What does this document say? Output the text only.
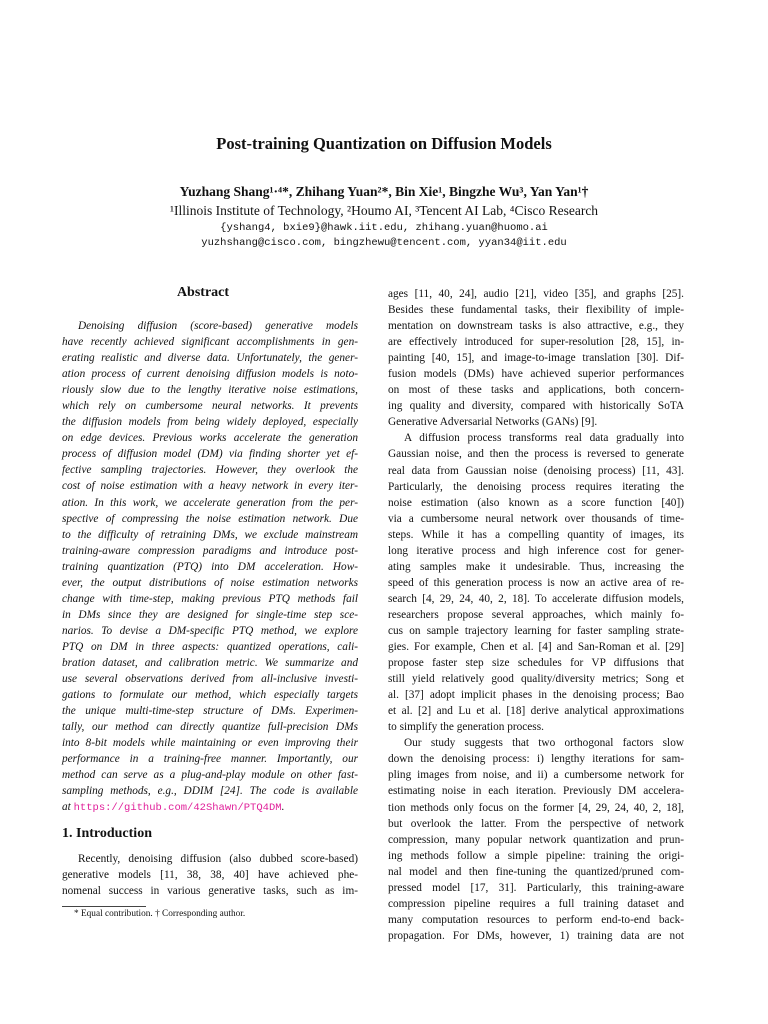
Post-training Quantization on Diffusion Models
Yuzhang Shang¹·⁴*, Zhihang Yuan²*, Bin Xie¹, Bingzhe Wu³, Yan Yan¹†
¹Illinois Institute of Technology, ²Houmo AI, ³Tencent AI Lab, ⁴Cisco Research
{yshang4, bxie9}@hawk.iit.edu, zhihang.yuan@huomo.ai
yuzhshang@cisco.com, bingzhewu@tencent.com, yyan34@iit.edu
Abstract
Denoising diffusion (score-based) generative models
have recently achieved significant accomplishments in gen-
erating realistic and diverse data. Unfortunately, the gener-
ation process of current denoising diffusion models is noto-
riously slow due to the lengthy iterative noise estimations,
which rely on cumbersome neural networks. It prevents
the diffusion models from being widely deployed, especially
on edge devices. Previous works accelerate the generation
process of diffusion model (DM) via finding shorter yet ef-
fective sampling trajectories. However, they overlook the
cost of noise estimation with a heavy network in every iter-
ation. In this work, we accelerate generation from the per-
spective of compressing the noise estimation network. Due
to the difficulty of retraining DMs, we exclude mainstream
training-aware compression paradigms and introduce post-
training quantization (PTQ) into DM acceleration. How-
ever, the output distributions of noise estimation networks
change with time-step, making previous PTQ methods fail
in DMs since they are designed for single-time step sce-
narios. To devise a DM-specific PTQ method, we explore
PTQ on DM in three aspects: quantized operations, cali-
bration dataset, and calibration metric. We summarize and
use several observations derived from all-inclusive investi-
gations to formulate our method, which especially targets
the unique multi-time-step structure of DMs. Experimen-
tally, our method can directly quantize full-precision DMs
into 8-bit models while maintaining or even improving their
performance in a training-free manner. Importantly, our
method can serve as a plug-and-play module on other fast-
sampling methods, e.g., DDIM [24]. The code is available
at https://github.com/42Shawn/PTQ4DM.
1. Introduction
Recently, denoising diffusion (also dubbed score-based)
generative models [11, 38, 38, 40] have achieved phe-
nomenal success in various generative tasks, such as im-
* Equal contribution. † Corresponding author.
ages [11, 40, 24], audio [21], video [35], and graphs [25].
Besides these fundamental tasks, their flexibility of imple-
mentation on downstream tasks is also attractive, e.g., they
are effectively introduced for super-resolution [28, 15], in-
painting [40, 15], and image-to-image translation [30]. Dif-
fusion models (DMs) have achieved superior performances
on most of these tasks and applications, both concern-
ing quality and diversity, compared with historically SoTA
Generative Adversarial Networks (GANs) [9].
A diffusion process transforms real data gradually into
Gaussian noise, and then the process is reversed to generate
real data from Gaussian noise (denoising process) [11, 43].
Particularly, the denoising process requires iterating the
noise estimation (also known as a score function [40])
via a cumbersome neural network over thousands of time-
steps. While it has a compelling quantity of images, its
long iterative process and high inference cost for gener-
ating samples make it undesirable. Thus, increasing the
speed of this generation process is now an active area of re-
search [4, 29, 24, 40, 2, 18]. To accelerate diffusion models,
researchers propose several approaches, which mainly fo-
cus on sample trajectory learning for faster sampling strate-
gies. For example, Chen et al. [4] and San-Roman et al. [29]
propose faster step size schedules for VP diffusions that
still yield relatively good quality/diversity metrics; Song et
al. [37] adopt implicit phases in the denoising process; Bao
et al. [2] and Lu et al. [18] derive analytical approximations
to simplify the generation process.
Our study suggests that two orthogonal factors slow
down the denoising process: i) lengthy iterations for sam-
pling images from noise, and ii) a cumbersome network for
estimating noise in each iteration. Previously DM accelera-
tion methods only focus on the former [4, 29, 24, 40, 2, 18],
but overlook the latter. From the perspective of network
compression, many popular network quantization and prun-
ing methods follow a simple pipeline: training the origi-
nal model and then fine-tuning the quantized/pruned com-
pressed model [17, 31]. Particularly, this training-aware
compression pipeline requires a full training dataset and
many computation resources to perform end-to-end back-
propagation. For DMs, however, 1) training data are not
